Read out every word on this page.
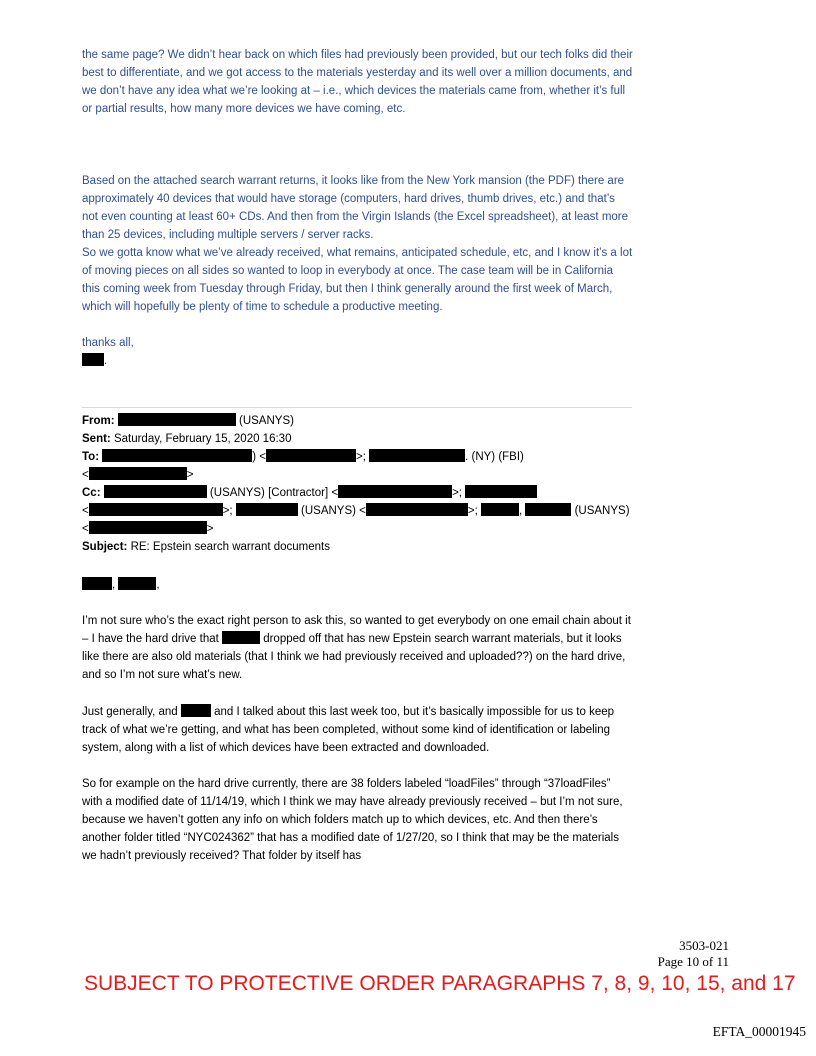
the same page? We didn’t hear back on which files had previously been provided, but our tech folks did their best to differentiate, and we got access to the materials yesterday and its well over a million documents, and we don’t have any idea what we’re looking at – i.e., which devices the materials came from, whether it’s full or partial results, how many more devices we have coming, etc.

Based on the attached search warrant returns, it looks like from the New York mansion (the PDF) there are approximately 40 devices that would have storage (computers, hard drives, thumb drives, etc.) and that’s not even counting at least 60+ CDs. And then from the Virgin Islands (the Excel spreadsheet), at least more than 25 devices, including multiple servers / server racks.

So we gotta know what we’ve already received, what remains, anticipated schedule, etc, and I know it’s a lot of moving pieces on all sides so wanted to loop in everybody at once. The case team will be in California this coming week from Tuesday through Friday, but then I think generally around the first week of March, which will hopefully be plenty of time to schedule a productive meeting.

thanks all,

.
From:	(USANYS)
Sent: Saturday, February 15, 2020 16:30
To:	) <	>;	. (NY) (FBI)
<	>
Cc:	(USANYS) [Contractor] <	>;
<	>;	(USANYS) <	>;	,	(USANYS)
<	>
Subject: RE: Epstein search warrant documents
,	,

I’m not sure who’s the exact right person to ask this, so wanted to get everybody on one email chain about it – I have the hard drive that	dropped off that has new Epstein search warrant materials, but it looks like there are also old materials (that I think we had previously received and uploaded??) on the hard drive, and so I’m not sure what’s new.

Just generally, and	and I talked about this last week too, but it’s basically impossible for us to keep track of what we’re getting, and what has been completed, without some kind of identification or labeling system, along with a list of which devices have been extracted and downloaded.

So for example on the hard drive currently, there are 38 folders labeled “loadFiles” through “37loadFiles” with a modified date of 11/14/19, which I think we may have already previously received – but I’m not sure, because we haven’t gotten any info on which folders match up to which devices, etc. And then there’s another folder titled “NYC024362” that has a modified date of 1/27/20, so I think that may be the materials we hadn’t previously received? That folder by itself has

3503-021
Page 10 of 11
SUBJECT TO PROTECTIVE ORDER PARAGRAPHS 7, 8, 9, 10, 15, and 17
EFTA_00001945
